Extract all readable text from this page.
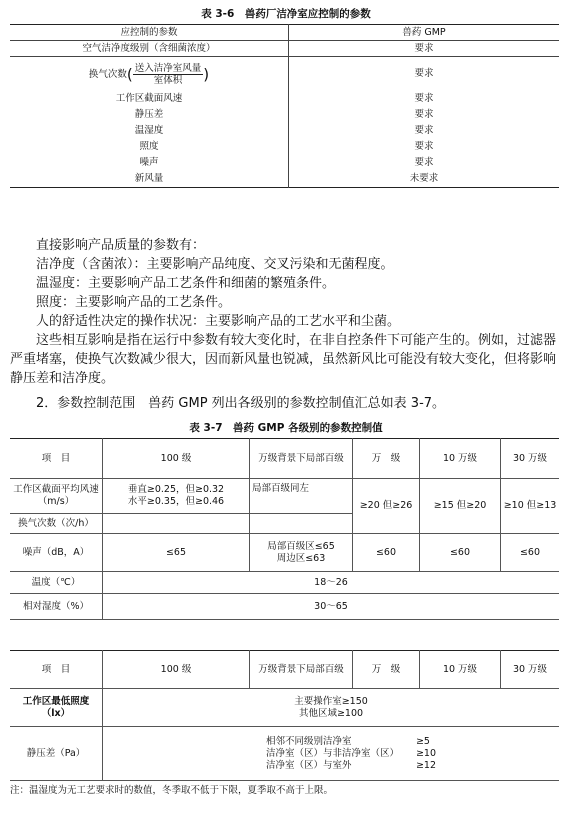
表 3-6　兽药厂洁净室应控制的参数
应控制的参数	兽药 GMP
空气洁净度级别（含细菌浓度）	要求
换气次数( $\frac{\text{送入洁净室风量}}{\text{室体积}}$ )	要求
工作区截面风速	要求
静压差	要求
温湿度	要求
照度	要求
噪声	要求
新风量	未要求
直接影响产品质量的参数有：
洁净度（含菌浓）：主要影响产品纯度、交叉污染和无菌程度。
温湿度：主要影响产品工艺条件和细菌的繁殖条件。
照度：主要影响产品的工艺条件。
人的舒适性决定的操作状况：主要影响产品的工艺水平和尘菌。
这些相互影响是指在运行中参数有较大变化时，在非自控条件下可能产生的。例如，过滤器严重堵塞，使换气次数减少很大，因而新风量也锐减，虽然新风比可能没有较大变化，但将影响静压差和洁净度。
2．参数控制范围　兽药 GMP 列出各级别的参数控制值汇总如表 3-7。
表 3-7　兽药 GMP 各级别的参数控制值
项　目	100 级	万级背景下局部百级	万　级	10 万级	30 万级
工作区截面平均风速（m/s）	垂直≥0.25，但≥0.32
水平≥0.35，但≥0.46	局部百级同左	≥20 但≥26	≥15 但≥20	≥10 但≥13

换气次数（次/h）					
噪声（dB，A）	≤65	局部百级区≤65
周边区≤63	≤60	≤60	≤60
温度（℃）	18～26				
相对湿度（%）	30～65				
项　目	100 级	万级背景下局部百级	万　级	10 万级	30 万级
工作区最低照度（lx）	主要操作室≥150
其他区域≥100				

静压差（Pa）	相邻不同级别洁净室 ≥5
洁净室（区）与非洁净室（区） ≥10
洁净室（区）与室外 ≥12				
注：温湿度为无工艺要求时的数值，冬季取不低于下限，夏季取不高于上限。
